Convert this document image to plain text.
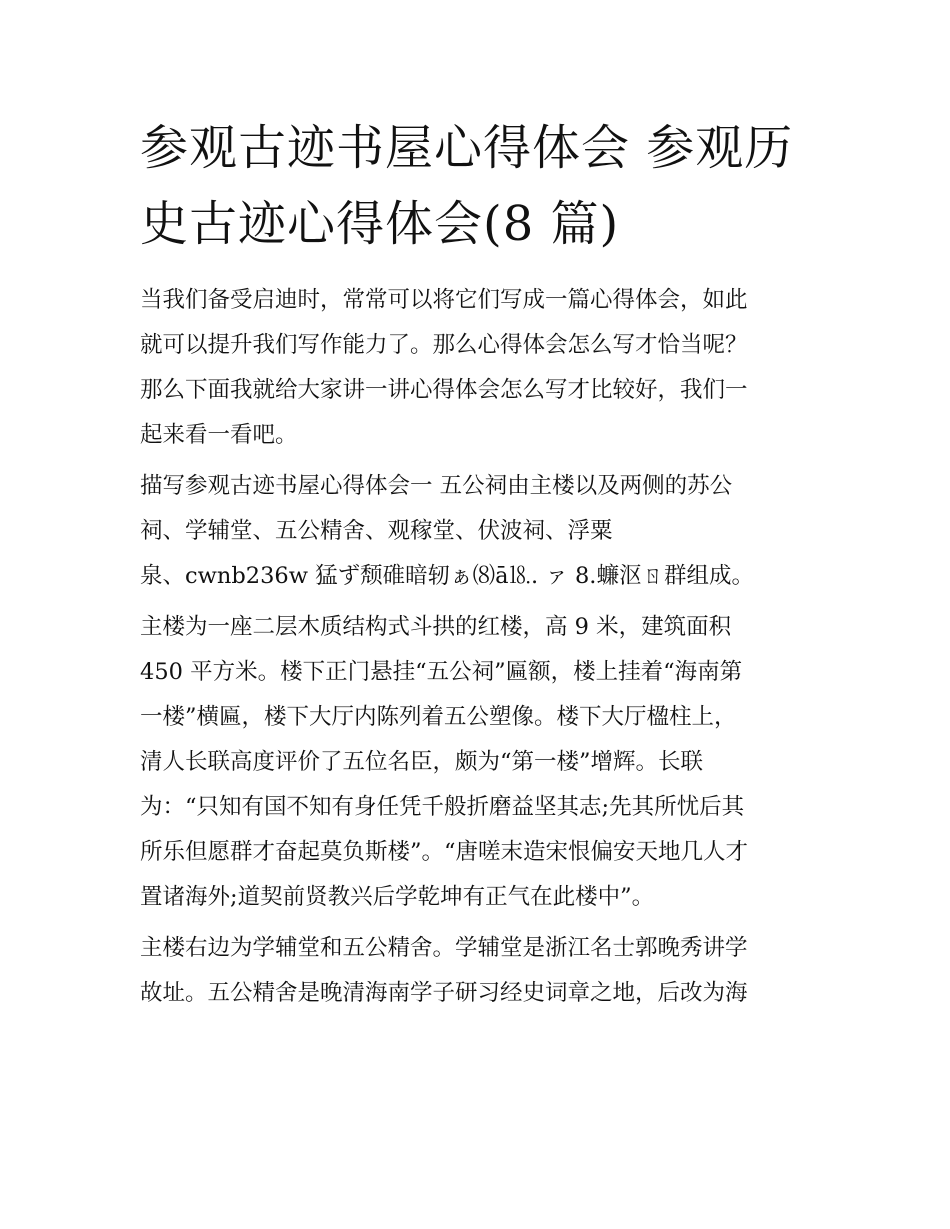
参观古迹书屋心得体会 参观历
史古迹心得体会(8 篇)

当我们备受启迪时，常常可以将它们写成一篇心得体会，如此
就可以提升我们写作能力了。那么心得体会怎么写才恰当呢？
那么下面我就给大家讲一讲心得体会怎么写才比较好，我们一
起来看一看吧。

描写参观古迹书屋心得体会一 五公祠由主楼以及两侧的苏公
祠、学辅堂、五公精舍、观稼堂、伏波祠、浮粟
泉、cwnb236w 猛ず颓碓暗轫ぁ⑻ā⒙. ァ 8.蠊沤ㄖ群组成。

主楼为一座二层木质结构式斗拱的红楼，高 9 米，建筑面积
450 平方米。楼下正门悬挂“五公祠”匾额，楼上挂着“海南第
一楼”横匾，楼下大厅内陈列着五公塑像。楼下大厅楹柱上，
清人长联高度评价了五位名臣，颇为“第一楼”增辉。长联
为：“只知有国不知有身任凭千般折磨益坚其志;先其所忧后其
所乐但愿群才奋起莫负斯楼”。“唐嗟末造宋恨偏安天地几人才
置诸海外;道契前贤教兴后学乾坤有正气在此楼中”。

主楼右边为学辅堂和五公精舍。学辅堂是浙江名士郭晚秀讲学
故址。五公精舍是晚清海南学子研习经史词章之地，后改为海
